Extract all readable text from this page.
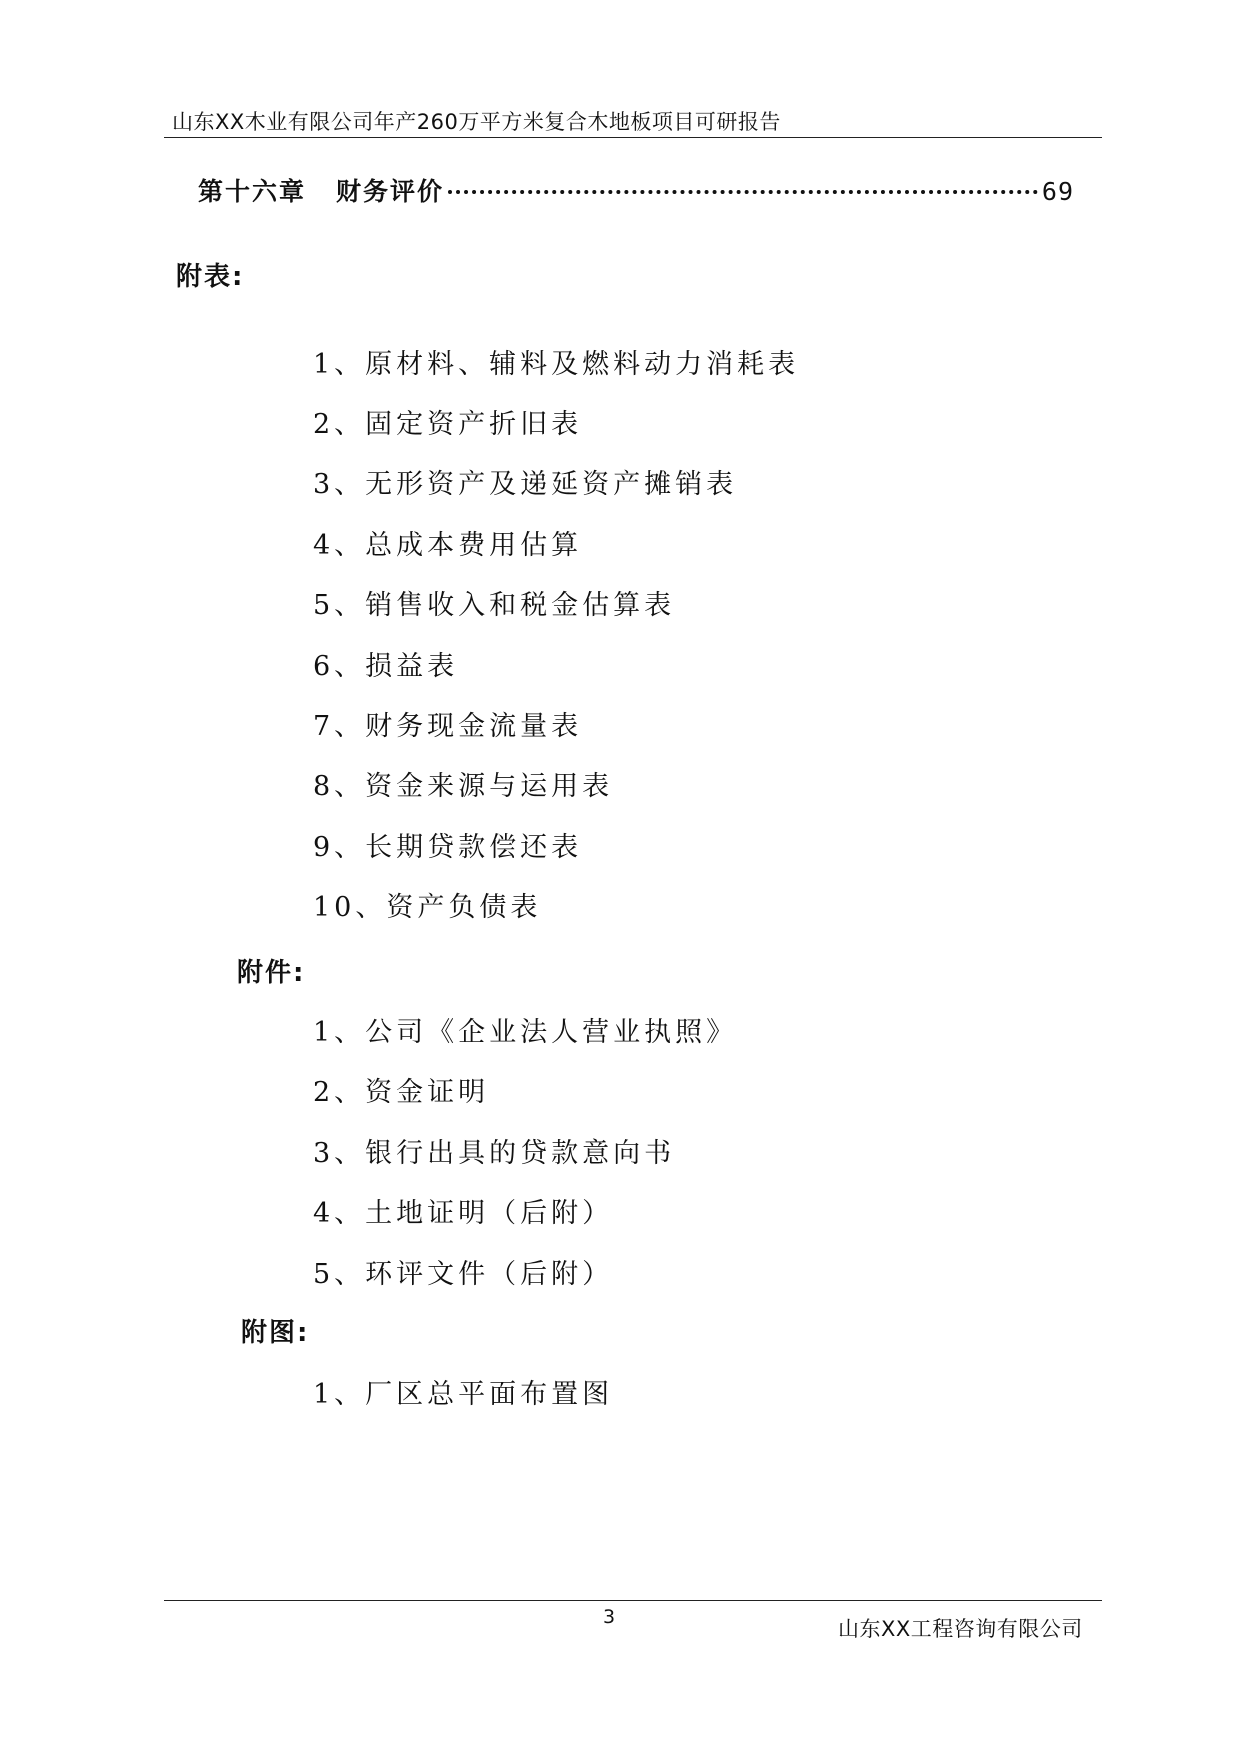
山东XX木业有限公司年产260万平方米复合木地板项目可研报告
第十六章 财务评价	69
附表:
1、原材料、辅料及燃料动力消耗表
2、固定资产折旧表
3、无形资产及递延资产摊销表
4、总成本费用估算
5、销售收入和税金估算表
6、损益表
7、财务现金流量表
8、资金来源与运用表
9、长期贷款偿还表
10、资产负债表
附件:
1、公司《企业法人营业执照》
2、资金证明
3、银行出具的贷款意向书
4、土地证明（后附）
5、环评文件（后附）
附图:
1、厂区总平面布置图
3	山东XX工程咨询有限公司
